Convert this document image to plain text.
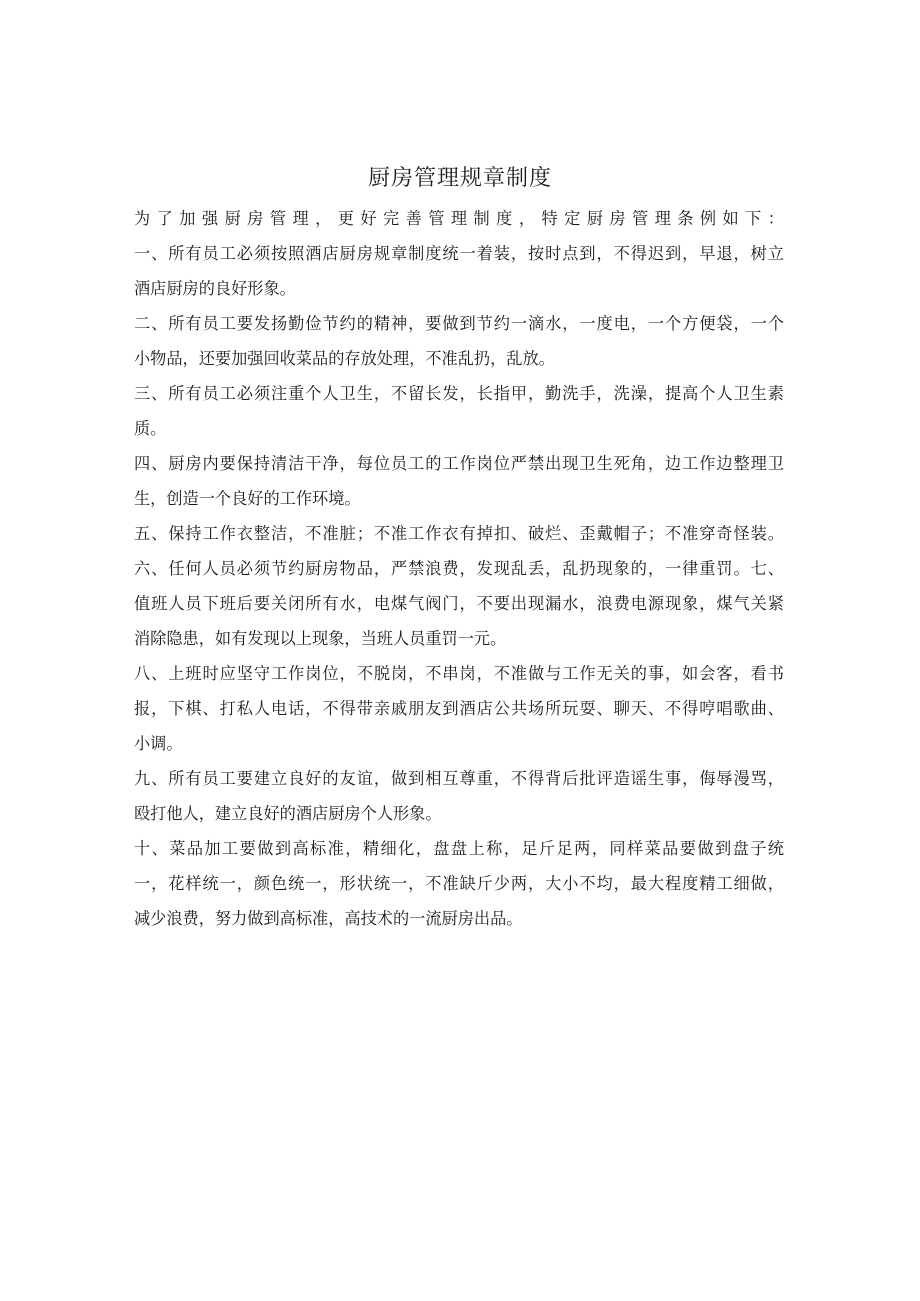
厨房管理规章制度
为了加强厨房管理，更好完善管理制度，特定厨房管理条例如下：
一、所有员工必须按照酒店厨房规章制度统一着装，按时点到，不得迟到，早退，树立
酒店厨房的良好形象。
二、所有员工要发扬勤俭节约的精神，要做到节约一滴水，一度电，一个方便袋，一个
小物品，还要加强回收菜品的存放处理，不准乱扔，乱放。
三、所有员工必须注重个人卫生，不留长发，长指甲，勤洗手，洗澡，提高个人卫生素
质。
四、厨房内要保持清洁干净，每位员工的工作岗位严禁出现卫生死角，边工作边整理卫
生，创造一个良好的工作环境。
五、保持工作衣整洁，不准脏；不准工作衣有掉扣、破烂、歪戴帽子；不准穿奇怪装。
六、任何人员必须节约厨房物品，严禁浪费，发现乱丢，乱扔现象的，一律重罚。七、
值班人员下班后要关闭所有水，电煤气阀门，不要出现漏水，浪费电源现象，煤气关紧
消除隐患，如有发现以上现象，当班人员重罚一元。
八、上班时应坚守工作岗位，不脱岗，不串岗，不准做与工作无关的事，如会客，看书
报，下棋、打私人电话，不得带亲戚朋友到酒店公共场所玩耍、聊天、不得哼唱歌曲、
小调。
九、所有员工要建立良好的友谊，做到相互尊重，不得背后批评造谣生事，侮辱漫骂，
殴打他人，建立良好的酒店厨房个人形象。
十、菜品加工要做到高标准，精细化，盘盘上称，足斤足两，同样菜品要做到盘子统
一，花样统一，颜色统一，形状统一，不准缺斤少两，大小不均，最大程度精工细做，
减少浪费，努力做到高标准，高技术的一流厨房出品。
